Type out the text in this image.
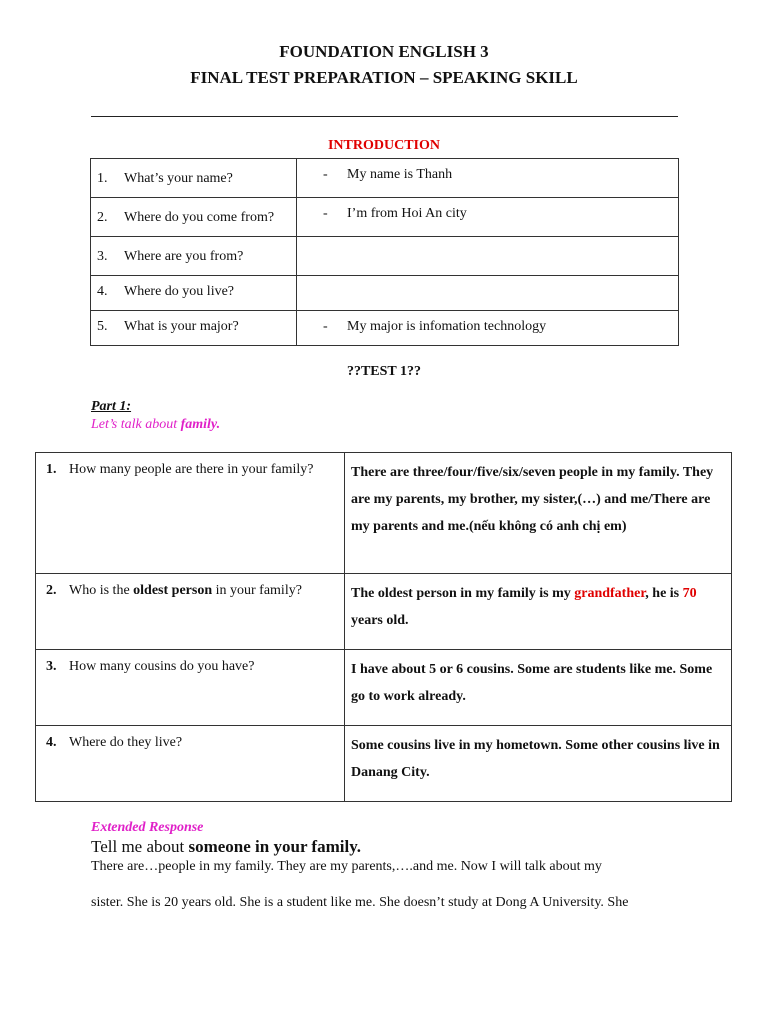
FOUNDATION ENGLISH 3
FINAL TEST PREPARATION – SPEAKING SKILL
INTRODUCTION
1. What’s your name?	- My name is Thanh

2. Where do you come from?	- I’m from Hoi An city

3. Where are you from?	

4. Where do you live?	

5. What is your major?	- My major is infomation technology
??TEST 1??
Part 1:
Let’s talk about family.
1. How many people are there in your family?	There are three/four/five/six/seven people in my family. They are my parents, my brother, my sister,(…) and me/There are my parents and me.(nếu không có anh chị em)

2. Who is the oldest person in your family?	The oldest person in my family is my grandfather, he is 70 years old.

3. How many cousins do you have?	I have about 5 or 6 cousins. Some are students like me. Some go to work already.

4. Where do they live?	Some cousins live in my hometown. Some other cousins live in Danang City.
Extended Response
Tell me about someone in your family.
There are…people in my family. They are my parents,….and me. Now I will talk about my
sister. She is 20 years old. She is a student like me. She doesn’t study at Dong A University. She
